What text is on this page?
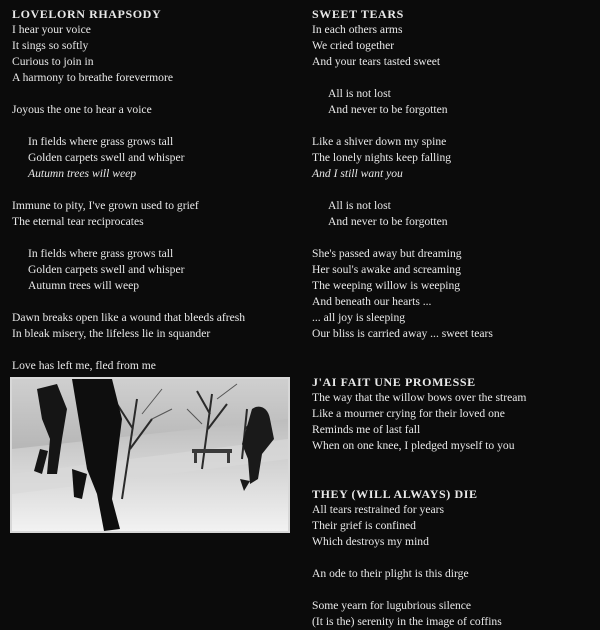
LOVELORN RHAPSODY
I hear your voice
It sings so softly
Curious to join in
A harmony to breathe forevermore
Joyous the one to hear a voice
In fields where grass grows tall
Golden carpets swell and whisper
Autumn trees will weep
Immune to pity, I've grown used to grief
The eternal tear reciprocates
In fields where grass grows tall
Golden carpets swell and whisper
Autumn trees will weep
Dawn breaks open like a wound that bleeds afresh
In bleak misery, the lifeless lie in squander
Love has left me, fled from me
SWEET TEARS
In each others arms
We cried together
And your tears tasted sweet
All is not lost
And never to be forgotten
Like a shiver down my spine
The lonely nights keep falling
And I still want you
All is not lost
And never to be forgotten
She's passed away but dreaming
Her soul's awake and screaming
The weeping willow is weeping
And beneath our hearts ...
... all joy is sleeping
Our bliss is carried away ... sweet tears
J'AI FAIT UNE PROMESSE
The way that the willow bows over the stream
Like a mourner crying for their loved one
Reminds me of last fall
When on one knee, I pledged myself to you
THEY (WILL ALWAYS) DIE
All tears restrained for years
Their grief is confined
Which destroys my mind
An ode to their plight is this dirge
Some yearn for lugubrious silence
(It is the) serenity in the image of coffins
